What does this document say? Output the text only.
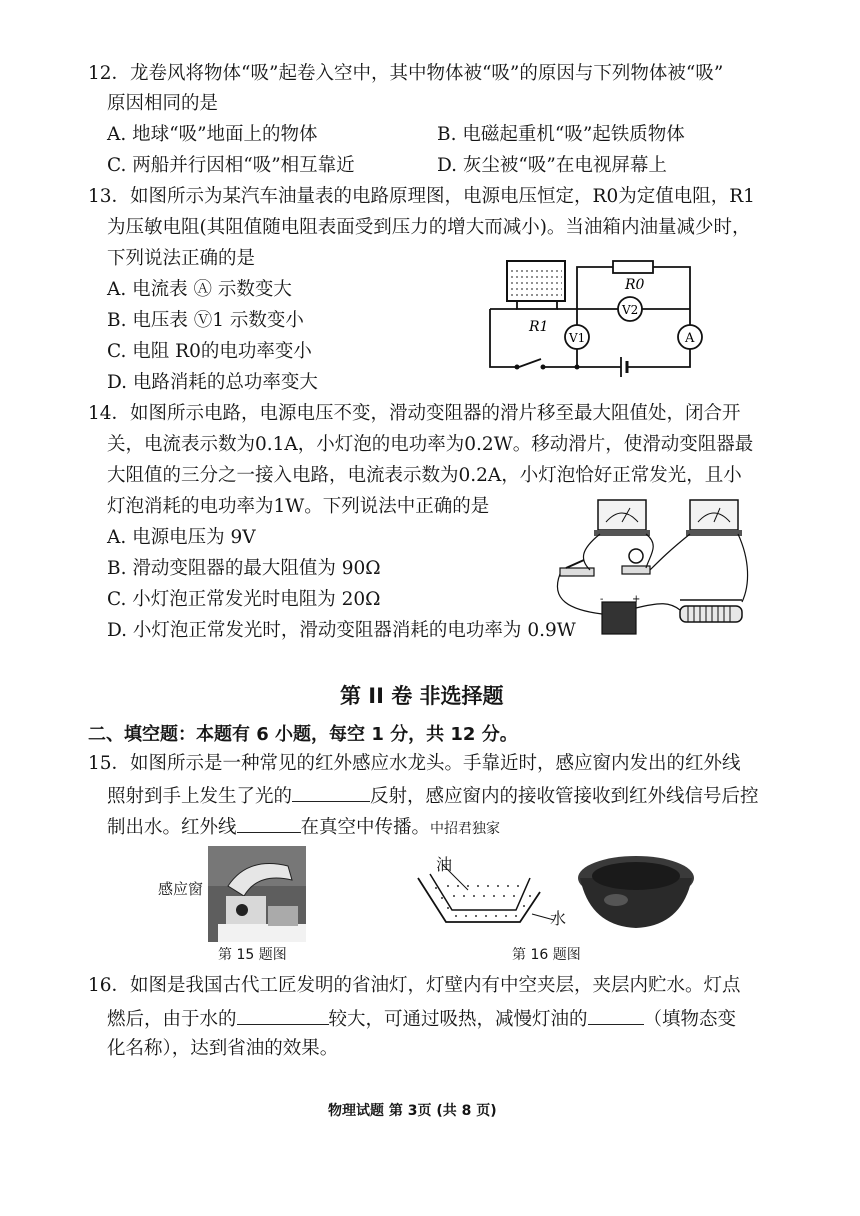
12．龙卷风将物体“吸”起卷入空中，其中物体被“吸”的原因与下列物体被“吸”
原因相同的是
A. 地球“吸”地面上的物体	B. 电磁起重机“吸”起铁质物体
C. 两船并行因相“吸”相互靠近	D. 灰尘被“吸”在电视屏幕上
13．如图所示为某汽车油量表的电路原理图，电源电压恒定，R0为定值电阻，R1
为压敏电阻(其阻值随电阻表面受到压力的增大而减小)。当油箱内油量减少时，
下列说法正确的是
A. 电流表 Ⓐ 示数变大
B. 电压表 Ⓥ1 示数变小
C. 电阻 R0的电功率变小
D. 电路消耗的总功率变大
R1
R0
V2
V1	A
14．如图所示电路，电源电压不变，滑动变阻器的滑片移至最大阻值处，闭合开
关，电流表示数为0.1A，小灯泡的电功率为0.2W。移动滑片，使滑动变阻器最
大阻值的三分之一接入电路，电流表示数为0.2A，小灯泡恰好正常发光，且小
灯泡消耗的电功率为1W。下列说法中正确的是
A. 电源电压为 9V
B. 滑动变阻器的最大阻值为 90Ω
C. 小灯泡正常发光时电阻为 20Ω
D. 小灯泡正常发光时，滑动变阻器消耗的电功率为 0.9W
-	+
第 II 卷 非选择题
二、填空题：本题有 6 小题，每空 1 分，共 12 分。
15．如图所示是一种常见的红外感应水龙头。手靠近时，感应窗内发出的红外线
照射到手上发生了光的	反射，感应窗内的接收管接收到红外线信号后控
制出水。红外线	在真空中传播。中招君独家
感应窗
第 15 题图
油
水
第 16 题图
16．如图是我国古代工匠发明的省油灯，灯壁内有中空夹层，夹层内贮水。灯点
燃后，由于水的	较大，可通过吸热，减慢灯油的	（填物态变
化名称），达到省油的效果。
物理试题 第 3页 (共 8 页)
